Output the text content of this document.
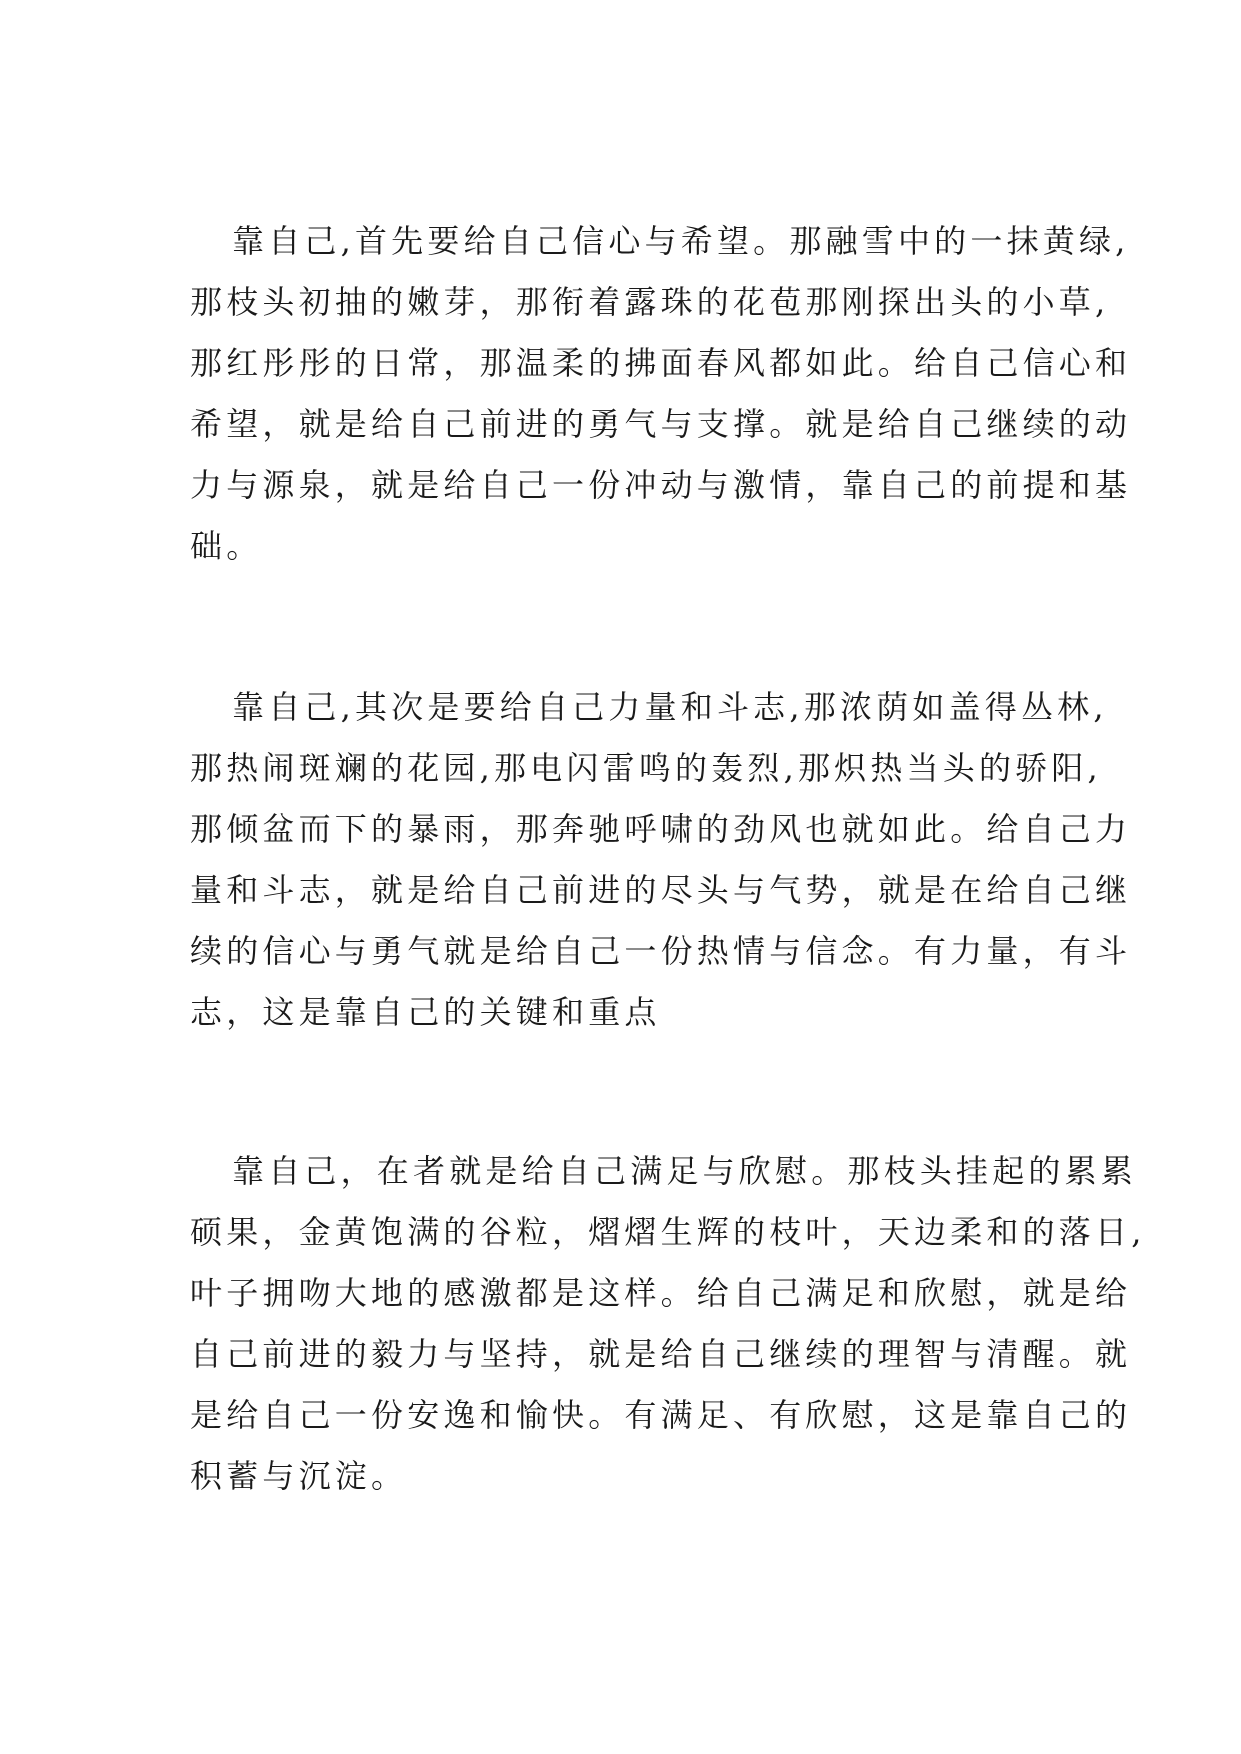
靠自己,首先要给自己信心与希望。那融雪中的一抹黄绿,
那枝头初抽的嫩芽，那衔着露珠的花苞那刚探出头的小草,
那红彤彤的日常，那温柔的拂面春风都如此。给自己信心和
希望，就是给自己前进的勇气与支撑。就是给自己继续的动
力与源泉，就是给自己一份冲动与激情，靠自己的前提和基
础。
靠自己,其次是要给自己力量和斗志,那浓荫如盖得丛林,
那热闹斑斓的花园,那电闪雷鸣的轰烈,那炽热当头的骄阳,
那倾盆而下的暴雨，那奔驰呼啸的劲风也就如此。给自己力
量和斗志，就是给自己前进的尽头与气势，就是在给自己继
续的信心与勇气就是给自己一份热情与信念。有力量，有斗
志，这是靠自己的关键和重点
靠自己，在者就是给自己满足与欣慰。那枝头挂起的累累
硕果，金黄饱满的谷粒，熠熠生辉的枝叶，天边柔和的落日,
叶子拥吻大地的感激都是这样。给自己满足和欣慰，就是给
自己前进的毅力与坚持，就是给自己继续的理智与清醒。就
是给自己一份安逸和愉快。有满足、有欣慰，这是靠自己的
积蓄与沉淀。
